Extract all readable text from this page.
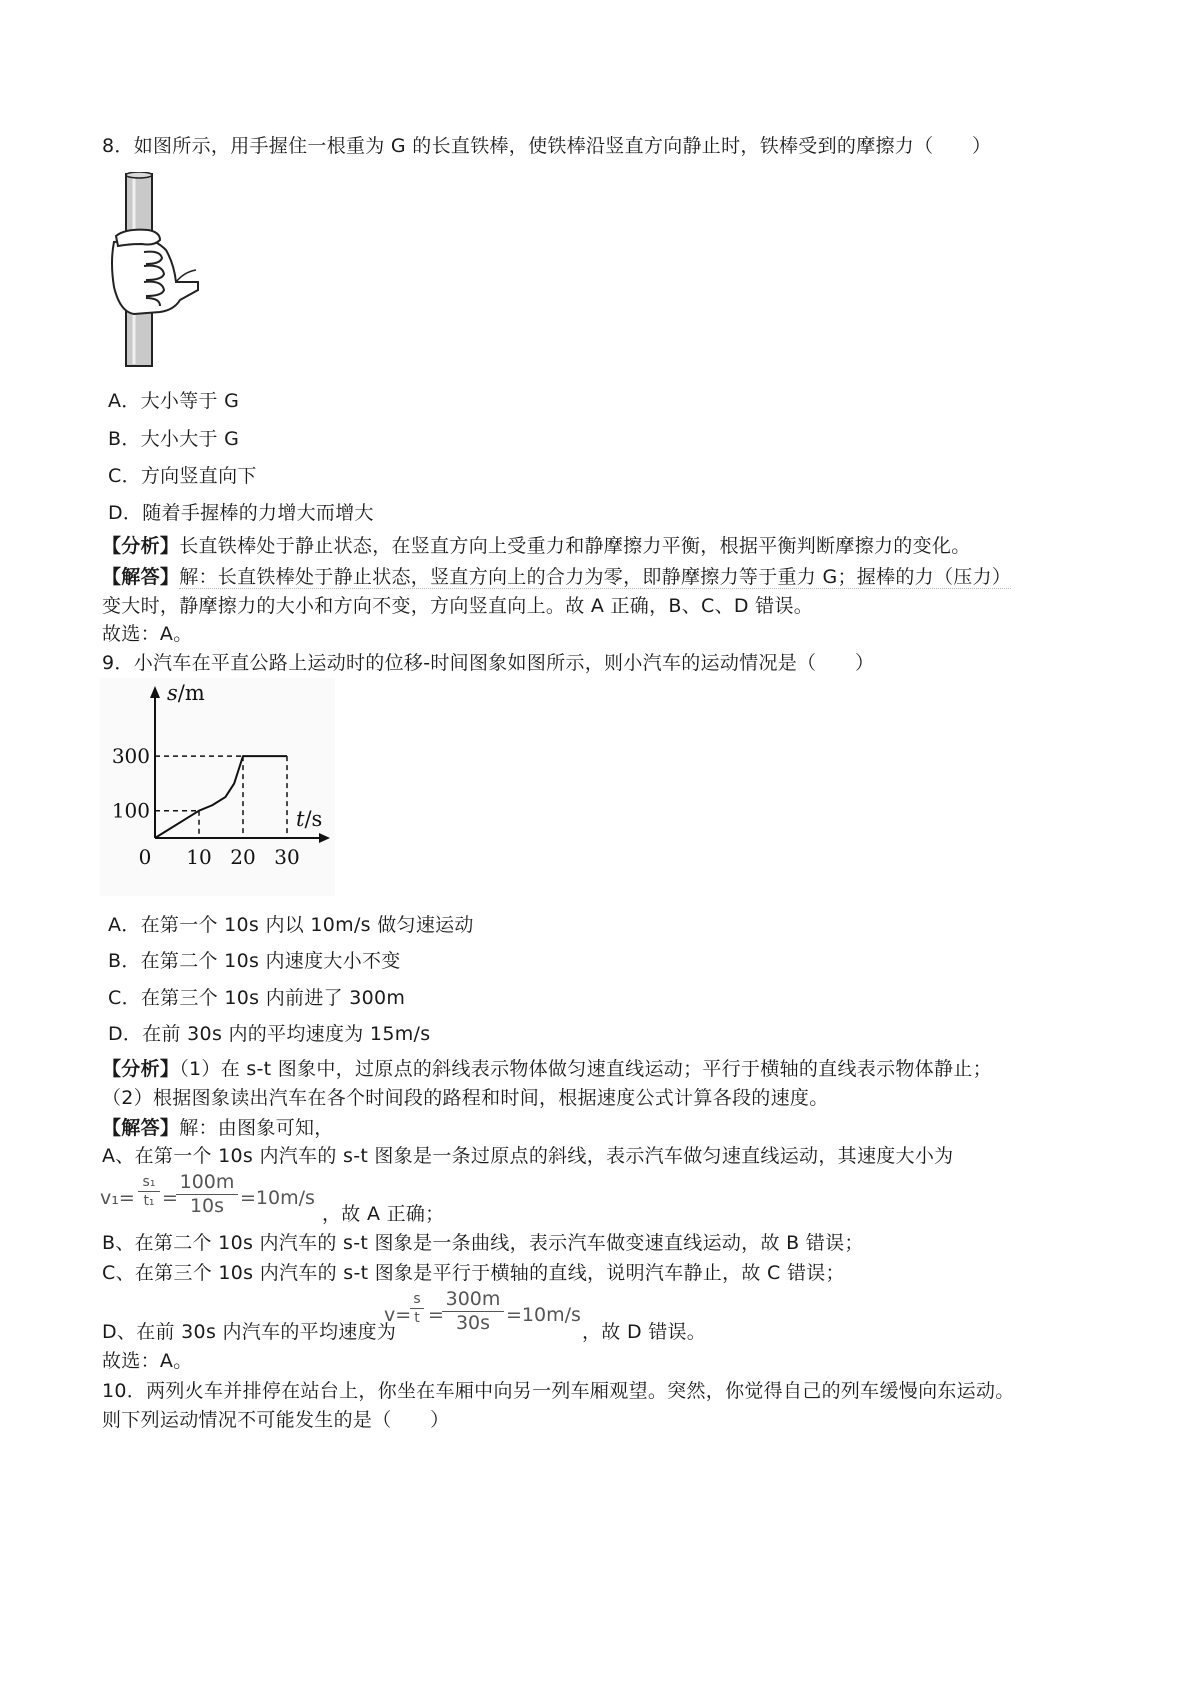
8．如图所示，用手握住一根重为 G 的长直铁棒，使铁棒沿竖直方向静止时，铁棒受到的摩擦力（　　）
A．大小等于 G
B．大小大于 G
C．方向竖直向下
D．随着手握棒的力增大而增大
【分析】长直铁棒处于静止状态，在竖直方向上受重力和静摩擦力平衡，根据平衡判断摩擦力的变化。
【解答】解：长直铁棒处于静止状态，竖直方向上的合力为零，即静摩擦力等于重力 G；握棒的力（压力）
变大时，静摩擦力的大小和方向不变，方向竖直向上。故 A 正确，B、C、D 错误。
故选：A。
9．小汽车在平直公路上运动时的位移-时间图象如图所示，则小汽车的运动情况是（　　）
s/m
t/s
0 10 20 30
100
300
A．在第一个 10s 内以 10m/s 做匀速运动
B．在第二个 10s 内速度大小不变
C．在第三个 10s 内前进了 300m
D．在前 30s 内的平均速度为 15m/s
【分析】（1）在 s-t 图象中，过原点的斜线表示物体做匀速直线运动；平行于横轴的直线表示物体静止；
（2）根据图象读出汽车在各个时间段的路程和时间，根据速度公式计算各段的速度。
【解答】解：由图象可知，
A、在第一个 10s 内汽车的 s-t 图象是一条过原点的斜线，表示汽车做匀速直线运动，其速度大小为
v₁=
s₁
t₁ =
100m
10s =10m/s
，故 A 正确；
B、在第二个 10s 内汽车的 s-t 图象是一条曲线，表示汽车做变速直线运动，故 B 错误；
C、在第三个 10s 内汽车的 s-t 图象是平行于横轴的直线，说明汽车静止，故 C 错误；
D、在前 30s 内汽车的平均速度为
v=
s
t =
300m
30s =10m/s
，故 D 错误。
故选：A。
10．两列火车并排停在站台上，你坐在车厢中向另一列车厢观望。突然，你觉得自己的列车缓慢向东运动。
则下列运动情况不可能发生的是（　　）
